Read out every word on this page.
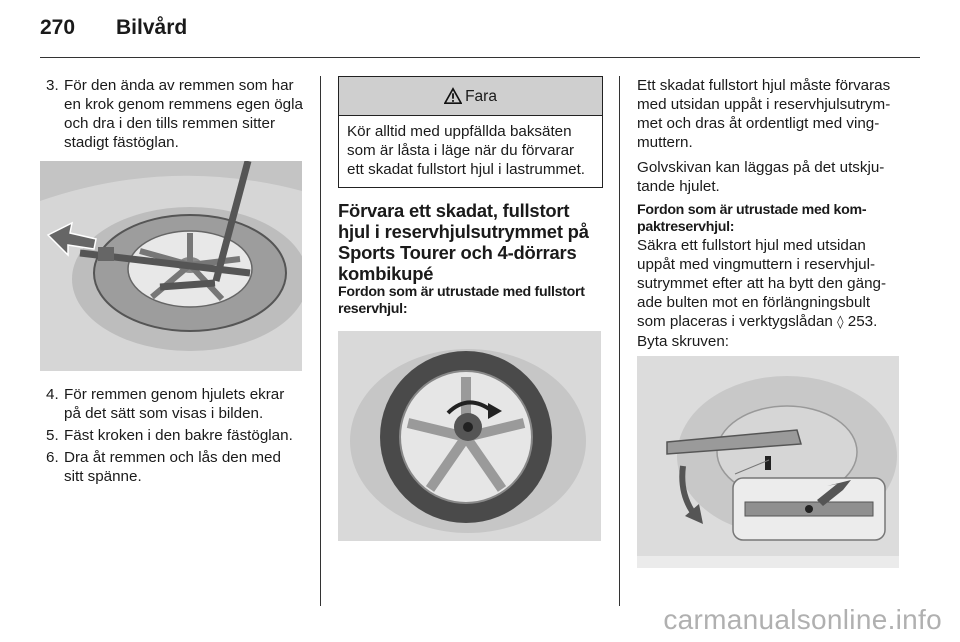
270 Bilvård
3. För den ända av remmen som har en krok genom remmens egen ögla och dra i den tills remmen sitter stadigt fästöglan.
4. För remmen genom hjulets ekrar på det sätt som visas i bilden.
5. Fäst kroken i den bakre fästöglan.
6. Dra åt remmen och lås den med sitt spänne.
Fara
Kör alltid med uppfällda baksäten som är låsta i läge när du förvarar ett skadat fullstort hjul i lastrummet.
Förvara ett skadat, fullstort hjul i reservhjulsutrymmet på Sports Tourer och 4-dörrars kombikupé
Fordon som är utrustade med fullstort reservhjul:

Ett skadat fullstort hjul måste förvaras med utsidan uppåt i reservhjulsutrymmet och dras åt ordentligt med vingmuttern.

Golvskivan kan läggas på det utskjutande hjulet.

Fordon som är utrustade med kompaktreservhjul:

Säkra ett fullstort hjul med utsidan uppåt med vingmuttern i reservhjulsutrymmet efter att ha bytt den gängade bulten mot en förlängningsbult som placeras i verktygslådan ◊ 253.

Byta skruven:

carmanualsonline.info
